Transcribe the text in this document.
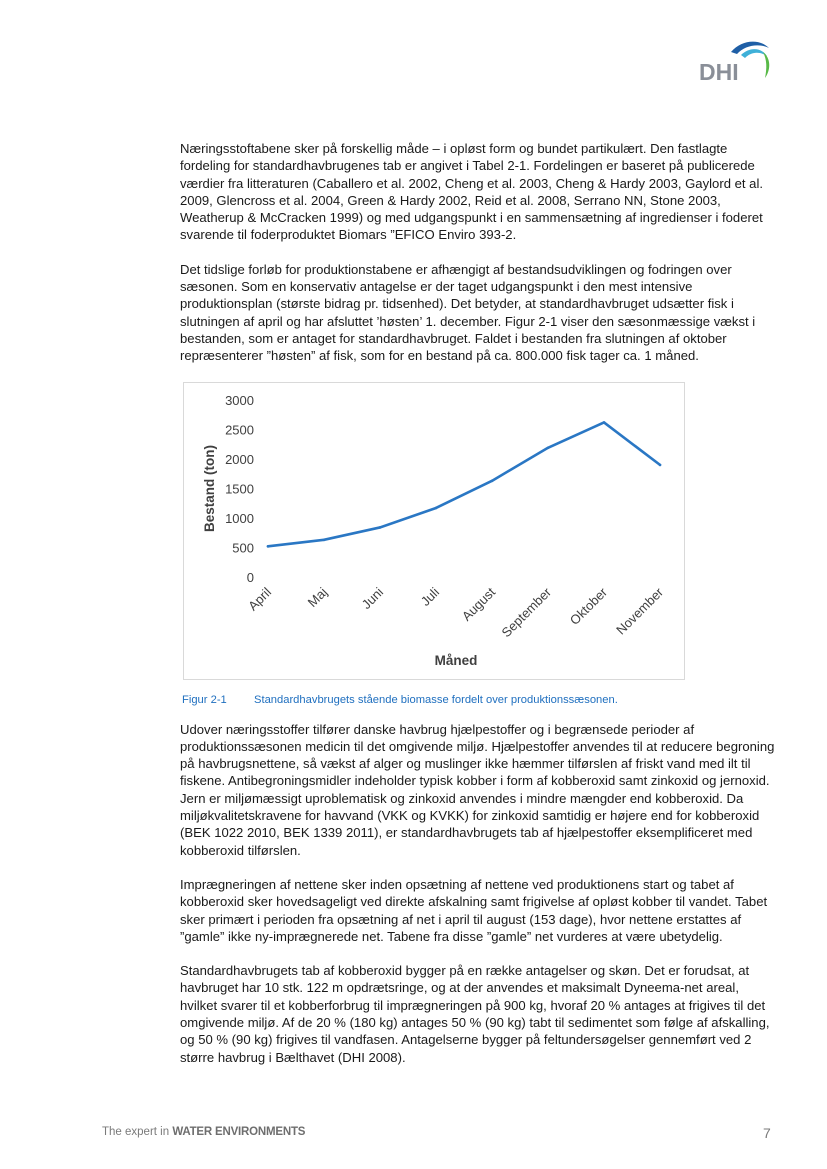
DHI

Næringsstoftabene sker på forskellig måde – i opløst form og bundet partikulært. Den fastlagte fordeling for standardhavbrugenes tab er angivet i Tabel 2-1. Fordelingen er baseret på publicerede værdier fra litteraturen (Caballero et al. 2002, Cheng et al. 2003, Cheng & Hardy 2003, Gaylord et al. 2009, Glencross et al. 2004, Green & Hardy 2002, Reid et al. 2008, Serrano NN, Stone 2003, Weatherup & McCracken 1999) og med udgangspunkt i en sammensætning af ingredienser i foderet svarende til foderproduktet Biomars ”EFICO Enviro 393-2.

Det tidslige forløb for produktionstabene er afhængigt af bestandsudviklingen og fodringen over sæsonen. Som en konservativ antagelse er der taget udgangspunkt i den mest intensive produktionsplan (største bidrag pr. tidsenhed). Det betyder, at standardhavbruget udsætter fisk i slutningen af april og har afsluttet ’høsten’ 1. december. Figur 2-1 viser den sæsonmæssige vækst i bestanden, som er antaget for standardhavbruget. Faldet i bestanden fra slutningen af oktober repræsenterer ”høsten” af fisk, som for en bestand på ca. 800.000 fisk tager ca. 1 måned.

0
500
1000
1500
2000
2500
3000
April Maj Juni Juli August September Oktober November
Måned
Bestand (ton)
Figur 2-1	Standardhavbrugets stående biomasse fordelt over produktionssæsonen.

Udover næringsstoffer tilfører danske havbrug hjælpestoffer og i begrænsede perioder af produktionssæsonen medicin til det omgivende miljø. Hjælpestoffer anvendes til at reducere begroning på havbrugsnettene, så vækst af alger og muslinger ikke hæmmer tilførslen af friskt vand med ilt til fiskene. Antibegroningsmidler indeholder typisk kobber i form af kobberoxid samt zinkoxid og jernoxid. Jern er miljømæssigt uproblematisk og zinkoxid anvendes i mindre mængder end kobberoxid. Da miljøkvalitetskravene for havvand (VKK og KVKK) for zinkoxid samtidig er højere end for kobberoxid (BEK 1022 2010, BEK 1339 2011), er standardhavbrugets tab af hjælpestoffer eksemplificeret med kobberoxid tilførslen.

Imprægneringen af nettene sker inden opsætning af nettene ved produktionens start og tabet af kobberoxid sker hovedsageligt ved direkte afskalning samt frigivelse af opløst kobber til vandet. Tabet sker primært i perioden fra opsætning af net i april til august (153 dage), hvor nettene erstattes af ”gamle” ikke ny-imprægnerede net. Tabene fra disse ”gamle” net vurderes at være ubetydelig.

Standardhavbrugets tab af kobberoxid bygger på en række antagelser og skøn. Det er forudsat, at havbruget har 10 stk. 122 m opdrætsringe, og at der anvendes et maksimalt Dyneema-net areal, hvilket svarer til et kobberforbrug til imprægneringen på 900 kg, hvoraf 20 % antages at frigives til det omgivende miljø. Af de 20 % (180 kg) antages 50 % (90 kg) tabt til sedimentet som følge af afskalling, og 50 % (90 kg) frigives til vandfasen. Antagelserne bygger på feltundersøgelser gennemført ved 2 større havbrug i Bælthavet (DHI 2008).

The expert in WATER ENVIRONMENTS	7
